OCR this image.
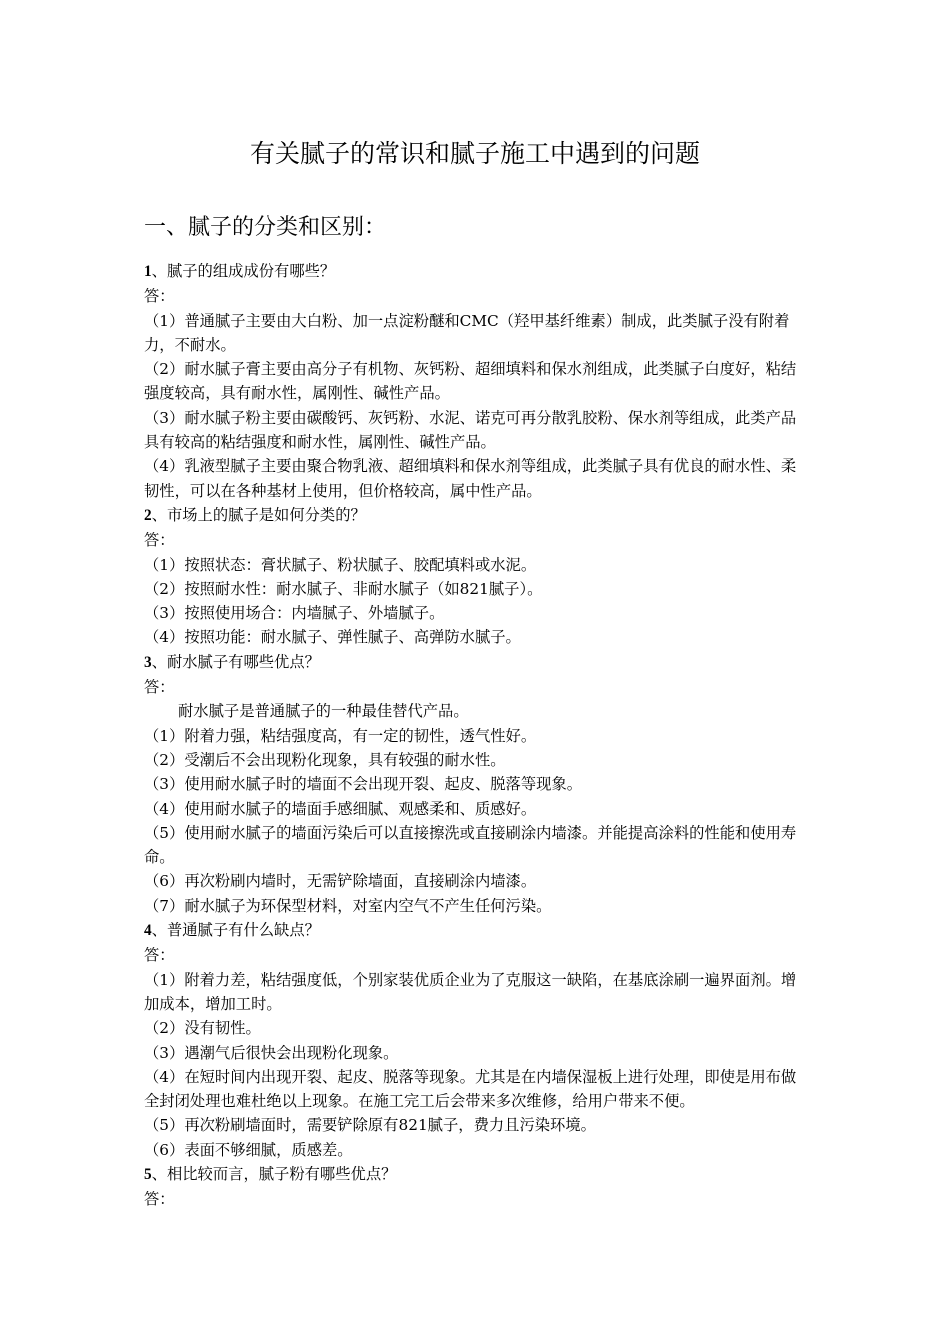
有关腻子的常识和腻子施工中遇到的问题
一、腻子的分类和区别：

1、腻子的组成成份有哪些？

答：

（1）普通腻子主要由大白粉、加一点淀粉醚和CMC（羟甲基纤维素）制成，此类腻子没有附着力，不耐水。

（2）耐水腻子膏主要由高分子有机物、灰钙粉、超细填料和保水剂组成，此类腻子白度好，粘结强度较高，具有耐水性，属刚性、碱性产品。

（3）耐水腻子粉主要由碳酸钙、灰钙粉、水泥、诺克可再分散乳胶粉、保水剂等组成，此类产品具有较高的粘结强度和耐水性，属刚性、碱性产品。

（4）乳液型腻子主要由聚合物乳液、超细填料和保水剂等组成，此类腻子具有优良的耐水性、柔韧性，可以在各种基材上使用，但价格较高，属中性产品。

2、市场上的腻子是如何分类的？

答：

（1）按照状态：膏状腻子、粉状腻子、胶配填料或水泥。

（2）按照耐水性：耐水腻子、非耐水腻子（如821腻子）。

（3）按照使用场合：内墙腻子、外墙腻子。

（4）按照功能：耐水腻子、弹性腻子、高弹防水腻子。

3、耐水腻子有哪些优点？

答：

耐水腻子是普通腻子的一种最佳替代产品。

（1）附着力强，粘结强度高，有一定的韧性，透气性好。

（2）受潮后不会出现粉化现象，具有较强的耐水性。

（3）使用耐水腻子时的墙面不会出现开裂、起皮、脱落等现象。

（4）使用耐水腻子的墙面手感细腻、观感柔和、质感好。

（5）使用耐水腻子的墙面污染后可以直接擦洗或直接刷涂内墙漆。并能提高涂料的性能和使用寿命。

（6）再次粉刷内墙时，无需铲除墙面，直接刷涂内墙漆。

（7）耐水腻子为环保型材料，对室内空气不产生任何污染。

4、普通腻子有什么缺点？

答：

（1）附着力差，粘结强度低，个别家装优质企业为了克服这一缺陷，在基底涂刷一遍界面剂。增加成本，增加工时。

（2）没有韧性。

（3）遇潮气后很快会出现粉化现象。

（4）在短时间内出现开裂、起皮、脱落等现象。尤其是在内墙保湿板上进行处理，即使是用布做全封闭处理也难杜绝以上现象。在施工完工后会带来多次维修，给用户带来不便。

（5）再次粉刷墙面时，需要铲除原有821腻子，费力且污染环境。

（6）表面不够细腻，质感差。

5、相比较而言，腻子粉有哪些优点？

答：
